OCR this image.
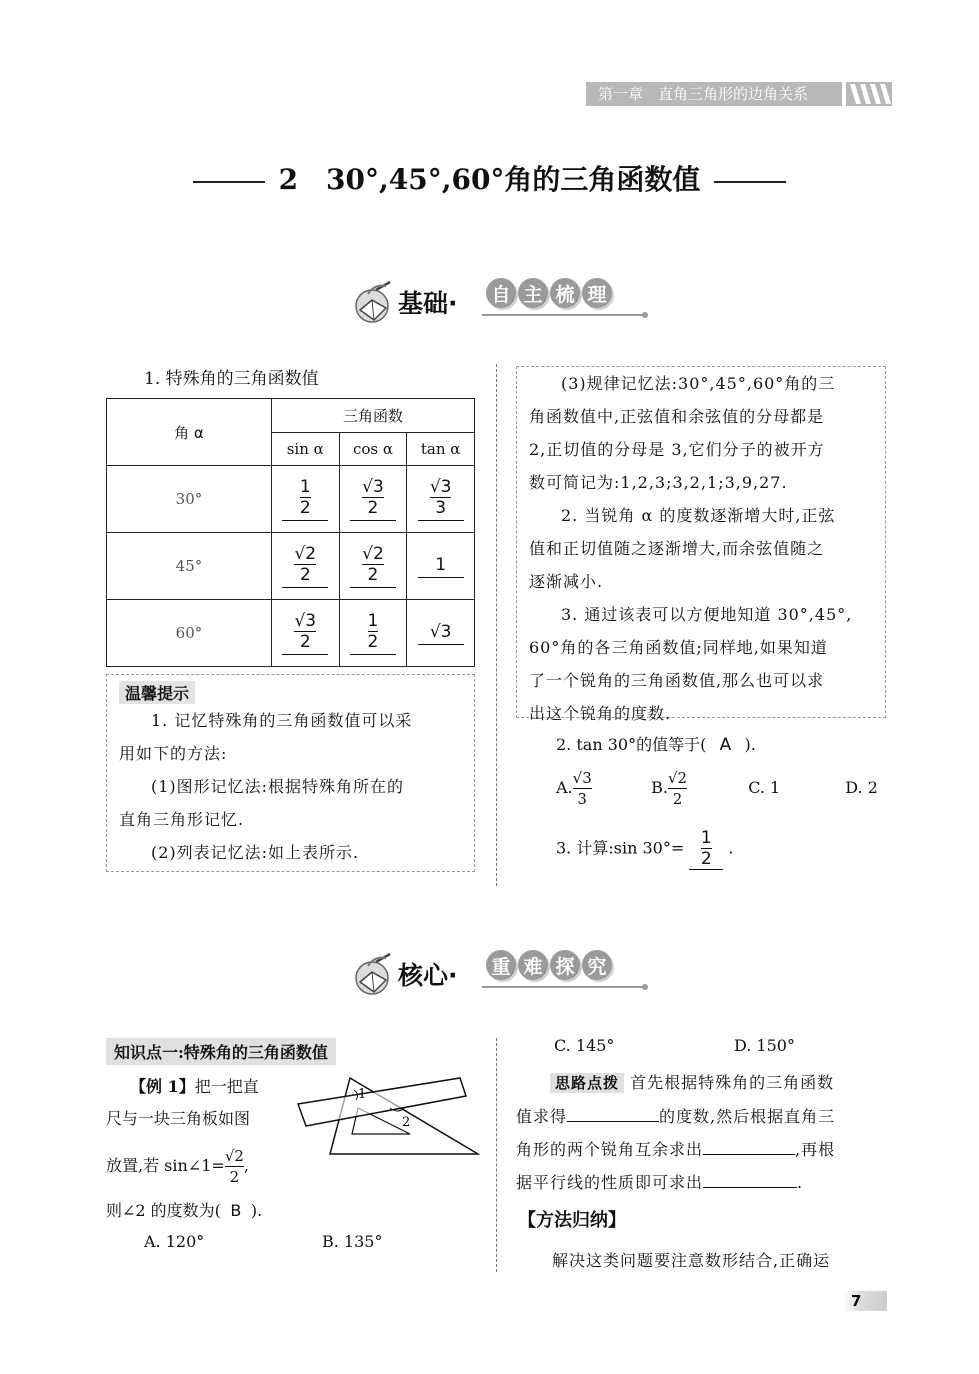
第一章　直角三角形的边角关系
2　30°,45°,60°角的三角函数值
基础· 自 主 梳 理
1. 特殊角的三角函数值
角 α	三角函数		
	sin α	cos α	tan α
30°	$\frac{1}{2}$	$\frac{√3}{2}$	$\frac{√3}{3}$

45°	$\frac{√2}{2}$	$\frac{√2}{2}$	1
60°	$\frac{√3}{2}$	$\frac{1}{2}$	√3
温馨提示
1. 记忆特殊角的三角函数值可以采
用如下的方法:
(1)图形记忆法:根据特殊角所在的
直角三角形记忆.
(2)列表记忆法:如上表所示.
(3)规律记忆法:30°,45°,60°角的三
角函数值中,正弦值和余弦值的分母都是
2,正切值的分母是 3,它们分子的被开方
数可简记为:1,2,3;3,2,1;3,9,27.
2. 当锐角 α 的度数逐渐增大时,正弦
值和正切值随之逐渐增大,而余弦值随之
逐渐减小.
3. 通过该表可以方便地知道 30°,45°,
60°角的各三角函数值;同样地,如果知道
了一个锐角的三角函数值,那么也可以求
出这个锐角的度数.
2. tan 30°的值等于( A ).
A. $\frac{√3}{3}$	B. $\frac{√2}{2}$	C. 1	D. 2
3. 计算:sin $30^\circ= \frac{1}{2}$ .
核心· 重 难 探 究
知识点一:特殊角的三角函数值
【例 1】把一把直
尺与一块三角板如图
放置,若 sin∠1= $\frac{√2}{2}$ ,
则∠2 的度数为( B ).
A. 120°	B. 135°
1
2
C. 145°	D. 150°
思路点拨 首先根据特殊角的三角函数
值求得	的度数,然后根据直角三
角形的两个锐角互余求出	,再根
据平行线的性质即可求出	.
【方法归纳】
解决这类问题要注意数形结合,正确运
7
